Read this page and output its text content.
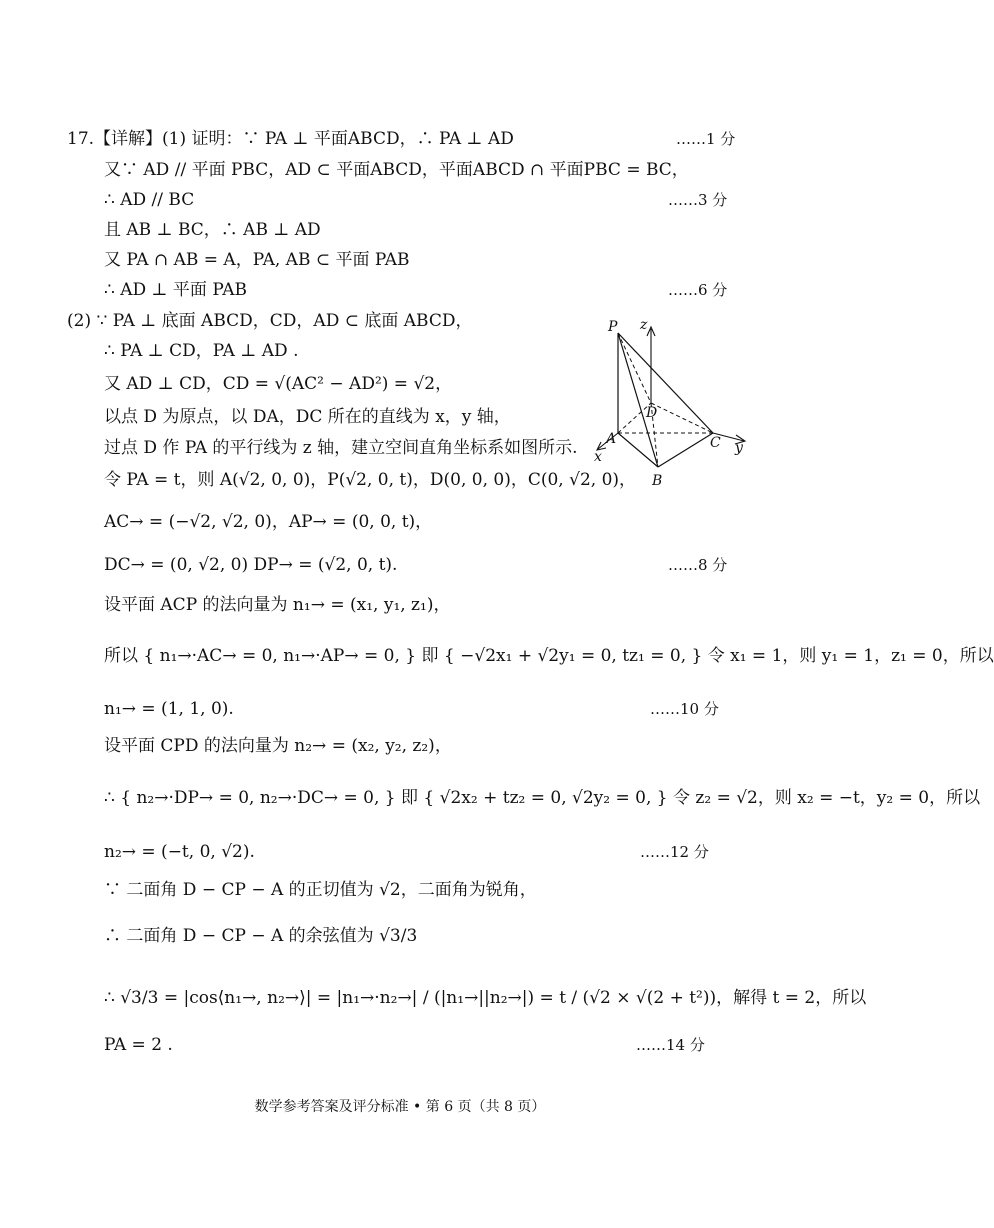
17.【详解】(1) 证明：∵ PA ⊥ 平面ABCD，∴ PA ⊥ AD
又∵ AD // 平面 PBC，AD ⊂ 平面ABCD，平面ABCD ∩ 平面PBC = BC，
∴ AD // BC
且 AB ⊥ BC，∴ AB ⊥ AD
又 PA ∩ AB = A，PA, AB ⊂ 平面 PAB
∴ AD ⊥ 平面 PAB
(2) ∵ PA ⊥ 底面 ABCD，CD，AD ⊂ 底面 ABCD，
∴ PA ⊥ CD，PA ⊥ AD .
又 AD ⊥ CD，CD = √(AC² − AD²) = √2，
以点 D 为原点，以 DA，DC 所在的直线为 x，y 轴，
过点 D 作 PA 的平行线为 z 轴，建立空间直角坐标系如图所示.
令 PA = t，则 A(√2, 0, 0)，P(√2, 0, t)，D(0, 0, 0)，C(0, √2, 0)，
AC→ = (−√2, √2, 0)，AP→ = (0, 0, t)，
DC→ = (0, √2, 0) DP→ = (√2, 0, t).
设平面 ACP 的法向量为 n₁→ = (x₁, y₁, z₁)，
所以 { n₁→·AC→ = 0, n₁→·AP→ = 0, } 即 { −√2x₁ + √2y₁ = 0, tz₁ = 0, } 令 x₁ = 1，则 y₁ = 1，z₁ = 0，所以
n₁→ = (1, 1, 0).
设平面 CPD 的法向量为 n₂→ = (x₂, y₂, z₂)，
∴ { n₂→·DP→ = 0, n₂→·DC→ = 0, } 即 { √2x₂ + tz₂ = 0, √2y₂ = 0, } 令 z₂ = √2，则 x₂ = −t，y₂ = 0，所以
n₂→ = (−t, 0, √2).
∵ 二面角 D − CP − A 的正切值为 √2，二面角为锐角，
∴ 二面角 D − CP − A 的余弦值为 √3/3
∴ √3/3 = |cos⟨n₁→, n₂→⟩| = |n₁→·n₂→| / (|n₁→||n₂→|) = t / (√2 × √(2 + t²))，解得 t = 2，所以
PA = 2 .
……1 分
……3 分
……6 分
……8 分
……10 分
……12 分
……14 分
P z
D
A	C y
x
B
数学参考答案及评分标准 • 第 6 页（共 8 页）
